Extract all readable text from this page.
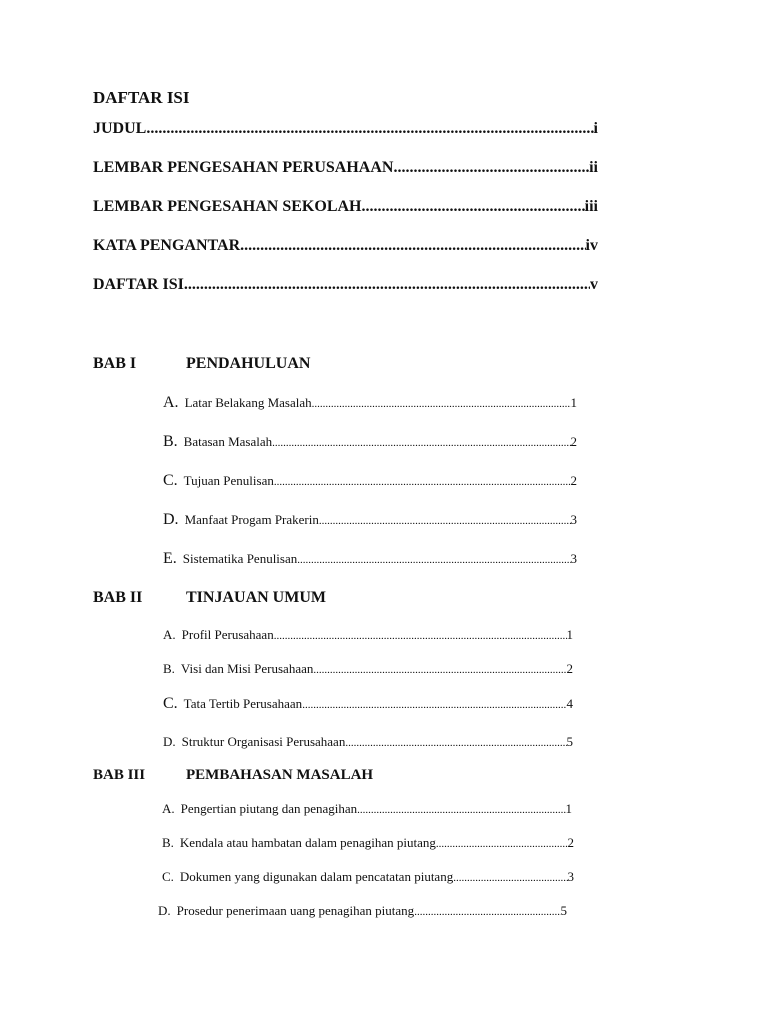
DAFTAR ISI
JUDUL .....	i
LEMBAR PENGESAHAN PERUSAHAAN .....	ii
LEMBAR PENGESAHAN SEKOLAH .....	iii
KATA PENGANTAR .....	iv
DAFTAR ISI .....	v
BAB I	PENDAHULUAN
A. Latar Belakang Masalah .....	1
B. Batasan Masalah .....	2
C. Tujuan Penulisan .....	2
D. Manfaat Progam Prakerin .....	3
E. Sistematika Penulisan .....	3
BAB II	TINJAUAN UMUM
A. Profil Perusahaan .....	1
B. Visi dan Misi Perusahaan .....	2
C. Tata Tertib Perusahaan .....	4
D. Struktur Organisasi Perusahaan .....	5
BAB III	PEMBAHASAN MASALAH
A. Pengertian piutang dan penagihan .....	1
B. Kendala atau hambatan dalam penagihan piutang .....	2
C. Dokumen yang digunakan dalam pencatatan piutang .....	3
D. Prosedur penerimaan uang penagihan piutang .....	5
